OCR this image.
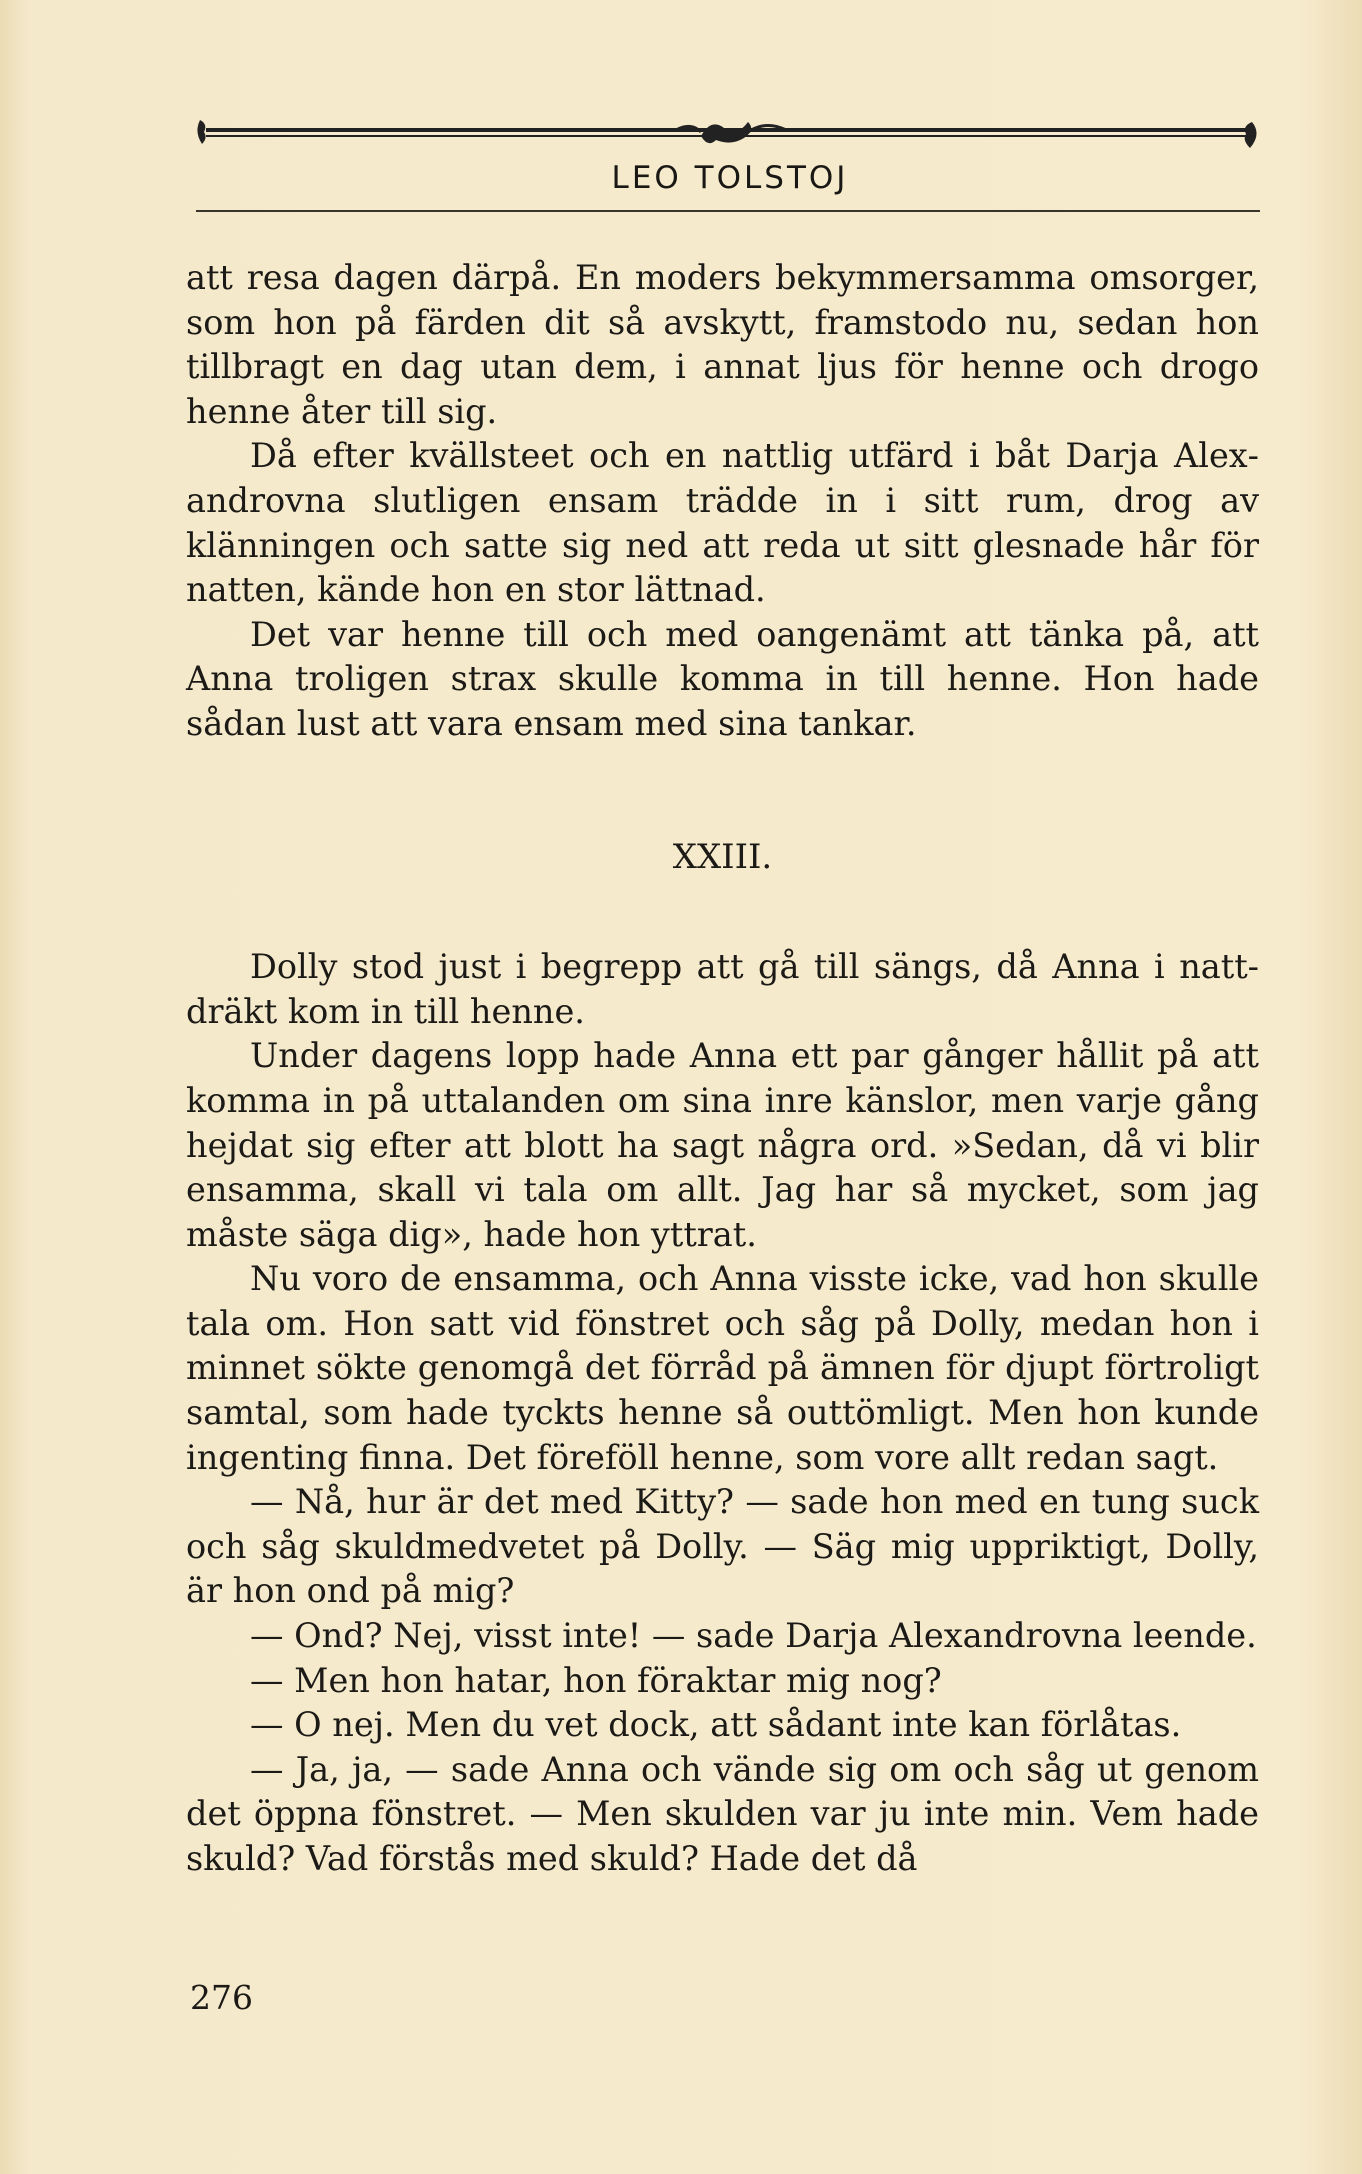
LEO TOLSTOJ

att resa dagen därpå. En moders bekymmersamma omsorger, som hon på färden dit så avskytt, framstodo nu, sedan hon tillbragt en dag utan dem, i annat ljus för henne och drogo henne åter till sig.

Då efter kvällsteet och en nattlig utfärd i båt Darja Alexandrovna slutligen ensam trädde in i sitt rum, drog av klänningen och satte sig ned att reda ut sitt glesnade hår för natten, kände hon en stor lättnad.

Det var henne till och med oangenämt att tänka på, att Anna troligen strax skulle komma in till henne. Hon hade sådan lust att vara ensam med sina tankar.

XXIII.

Dolly stod just i begrepp att gå till sängs, då Anna i nattdräkt kom in till henne.

Under dagens lopp hade Anna ett par gånger hållit på att komma in på uttalanden om sina inre känslor, men varje gång hejdat sig efter att blott ha sagt några ord. »Sedan, då vi blir ensamma, skall vi tala om allt. Jag har så mycket, som jag måste säga dig», hade hon yttrat.

Nu voro de ensamma, och Anna visste icke, vad hon skulle tala om. Hon satt vid fönstret och såg på Dolly, medan hon i minnet sökte genomgå det förråd på ämnen för djupt förtroligt samtal, som hade tyckts henne så outtömligt. Men hon kunde ingenting finna. Det föreföll henne, som vore allt redan sagt.

— Nå, hur är det med Kitty? — sade hon med en tung suck och såg skuldmedvetet på Dolly. — Säg mig uppriktigt, Dolly, är hon ond på mig?

— Ond? Nej, visst inte! — sade Darja Alexandrovna leende.

— Men hon hatar, hon föraktar mig nog?

— O nej. Men du vet dock, att sådant inte kan förlåtas.

— Ja, ja, — sade Anna och vände sig om och såg ut genom det öppna fönstret. — Men skulden var ju inte min. Vem hade skuld? Vad förstås med skuld? Hade det då

276
